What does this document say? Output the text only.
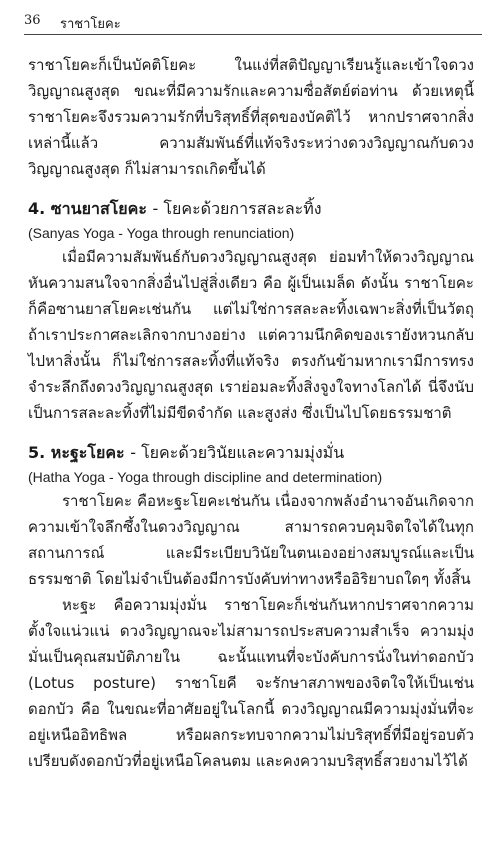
36 ราชาโยคะ

ราชาโยคะก็เป็นบัคติโยคะ ในแง่ที่สติปัญญาเรียนรู้และเข้าใจดวงวิญญาณสูงสุด ขณะที่มีความรักและความซื่อสัตย์ต่อท่าน ด้วยเหตุนี้ ราชาโยคะจึงรวมความรักที่บริสุทธิ์ที่สุดของบัคติไว้ หากปราศจากสิ่งเหล่านี้แล้ว ความสัมพันธ์ที่แท้จริงระหว่างดวงวิญญาณกับดวงวิญญาณสูงสุด ก็ไม่สามารถเกิดขึ้นได้

4. ซานยาสโยคะ - โยคะด้วยการสละละทิ้ง
(Sanyas Yoga - Yoga through renunciation)

เมื่อมีความสัมพันธ์กับดวงวิญญาณสูงสุด ย่อมทำให้ดวงวิญญาณหันความสนใจจากสิ่งอื่นไปสู่สิ่งเดียว คือ ผู้เป็นเมล็ด ดังนั้น ราชาโยคะก็คือซานยาสโยคะเช่นกัน แต่ไม่ใช่การสละละทิ้งเฉพาะสิ่งที่เป็นวัตถุ ถ้าเราประกาศละเลิกจากบางอย่าง แต่ความนึกคิดของเรายังหวนกลับไปหาสิ่งนั้น ก็ไม่ใช่การสละทิ้งที่แท้จริง ตรงกันข้ามหากเรามีการทรงจำระลึกถึงดวงวิญญาณสูงสุด เราย่อมละทิ้งสิ่งจูงใจทางโลกได้ นี่จึงนับเป็นการสละละทิ้งที่ไม่มีขีดจำกัด และสูงส่ง ซึ่งเป็นไปโดยธรรมชาติ

5. หะฐะโยคะ - โยคะด้วยวินัยและความมุ่งมั่น
(Hatha Yoga - Yoga through discipline and determination)

ราชาโยคะ คือหะฐะโยคะเช่นกัน เนื่องจากพลังอำนาจอันเกิดจากความเข้าใจลึกซึ้งในดวงวิญญาณ สามารถควบคุมจิตใจได้ในทุกสถานการณ์ และมีระเบียบวินัยในตนเองอย่างสมบูรณ์และเป็นธรรมชาติ โดยไม่จำเป็นต้องมีการบังคับท่าทางหรืออิริยาบถใดๆ ทั้งสิ้น

หะฐะ คือความมุ่งมั่น ราชาโยคะก็เช่นกันหากปราศจากความตั้งใจแน่วแน่ ดวงวิญญาณจะไม่สามารถประสบความสำเร็จ ความมุ่งมั่นเป็นคุณสมบัติภายใน ฉะนั้นแทนที่จะบังคับการนั่งในท่าดอกบัว (Lotus posture) ราชาโยคี จะรักษาสภาพของจิตใจให้เป็นเช่นดอกบัว คือ ในขณะที่อาศัยอยู่ในโลกนี้ ดวงวิญญาณมีความมุ่งมั่นที่จะอยู่เหนืออิทธิพล หรือผลกระทบจากความไม่บริสุทธิ์ที่มีอยู่รอบตัว เปรียบดังดอกบัวที่อยู่เหนือโคลนตม และคงความบริสุทธิ์สวยงามไว้ได้
